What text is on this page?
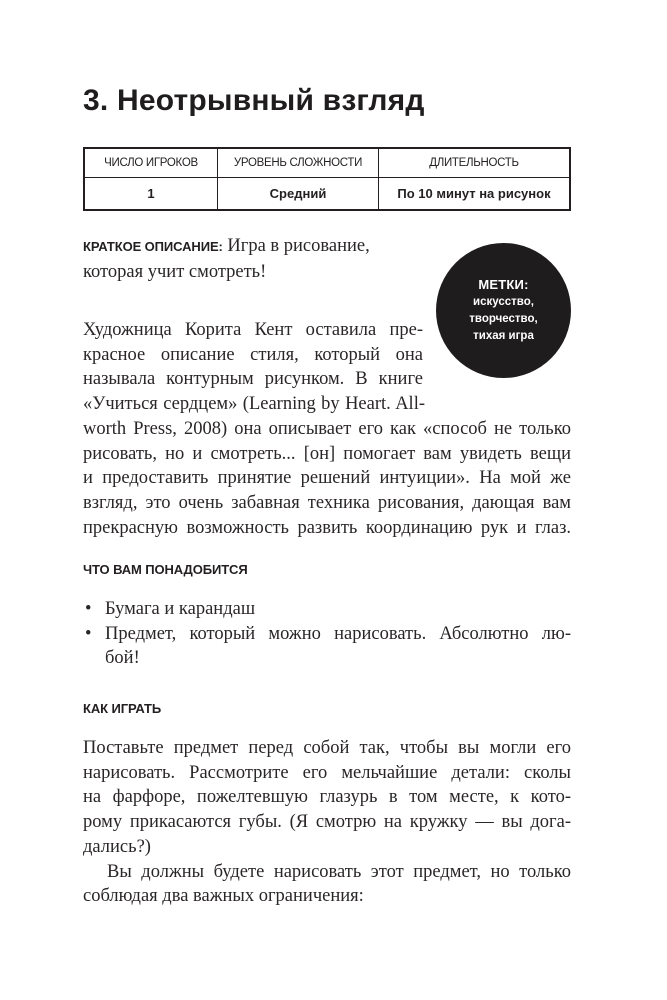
3. Неотрывный взгляд
ЧИСЛО ИГРОКОВ	УРОВЕНЬ СЛОЖНОСТИ	ДЛИТЕЛЬНОСТЬ
1	Средний	По 10 минут на рисунок
КРАТКОЕ ОПИСАНИЕ: Игра в рисование,
которая учит смотреть!
МЕТКИ:
искусство,
творчество,
тихая игра
Художница Корита Кент оставила пре-
красное описание стиля, который она
называла контурным рисунком. В книге
«Учиться сердцем» (Learning by Heart. All-
worth Press, 2008) она описывает его как «способ не только
рисовать, но и смотреть... [он] помогает вам увидеть вещи
и предоставить принятие решений интуиции». На мой же
взгляд, это очень забавная техника рисования, дающая вам
прекрасную возможность развить координацию рук и глаз.
ЧТО ВАМ ПОНАДОБИТСЯ
• Бумага и карандаш
• Предмет, который можно нарисовать. Абсолютно лю-
бой!
КАК ИГРАТЬ
Поставьте предмет перед собой так, чтобы вы могли его
нарисовать. Рассмотрите его мельчайшие детали: сколы
на фарфоре, пожелтевшую глазурь в том месте, к кото-
рому прикасаются губы. (Я смотрю на кружку — вы дога-
дались?)
Вы должны будете нарисовать этот предмет, но только
соблюдая два важных ограничения:
